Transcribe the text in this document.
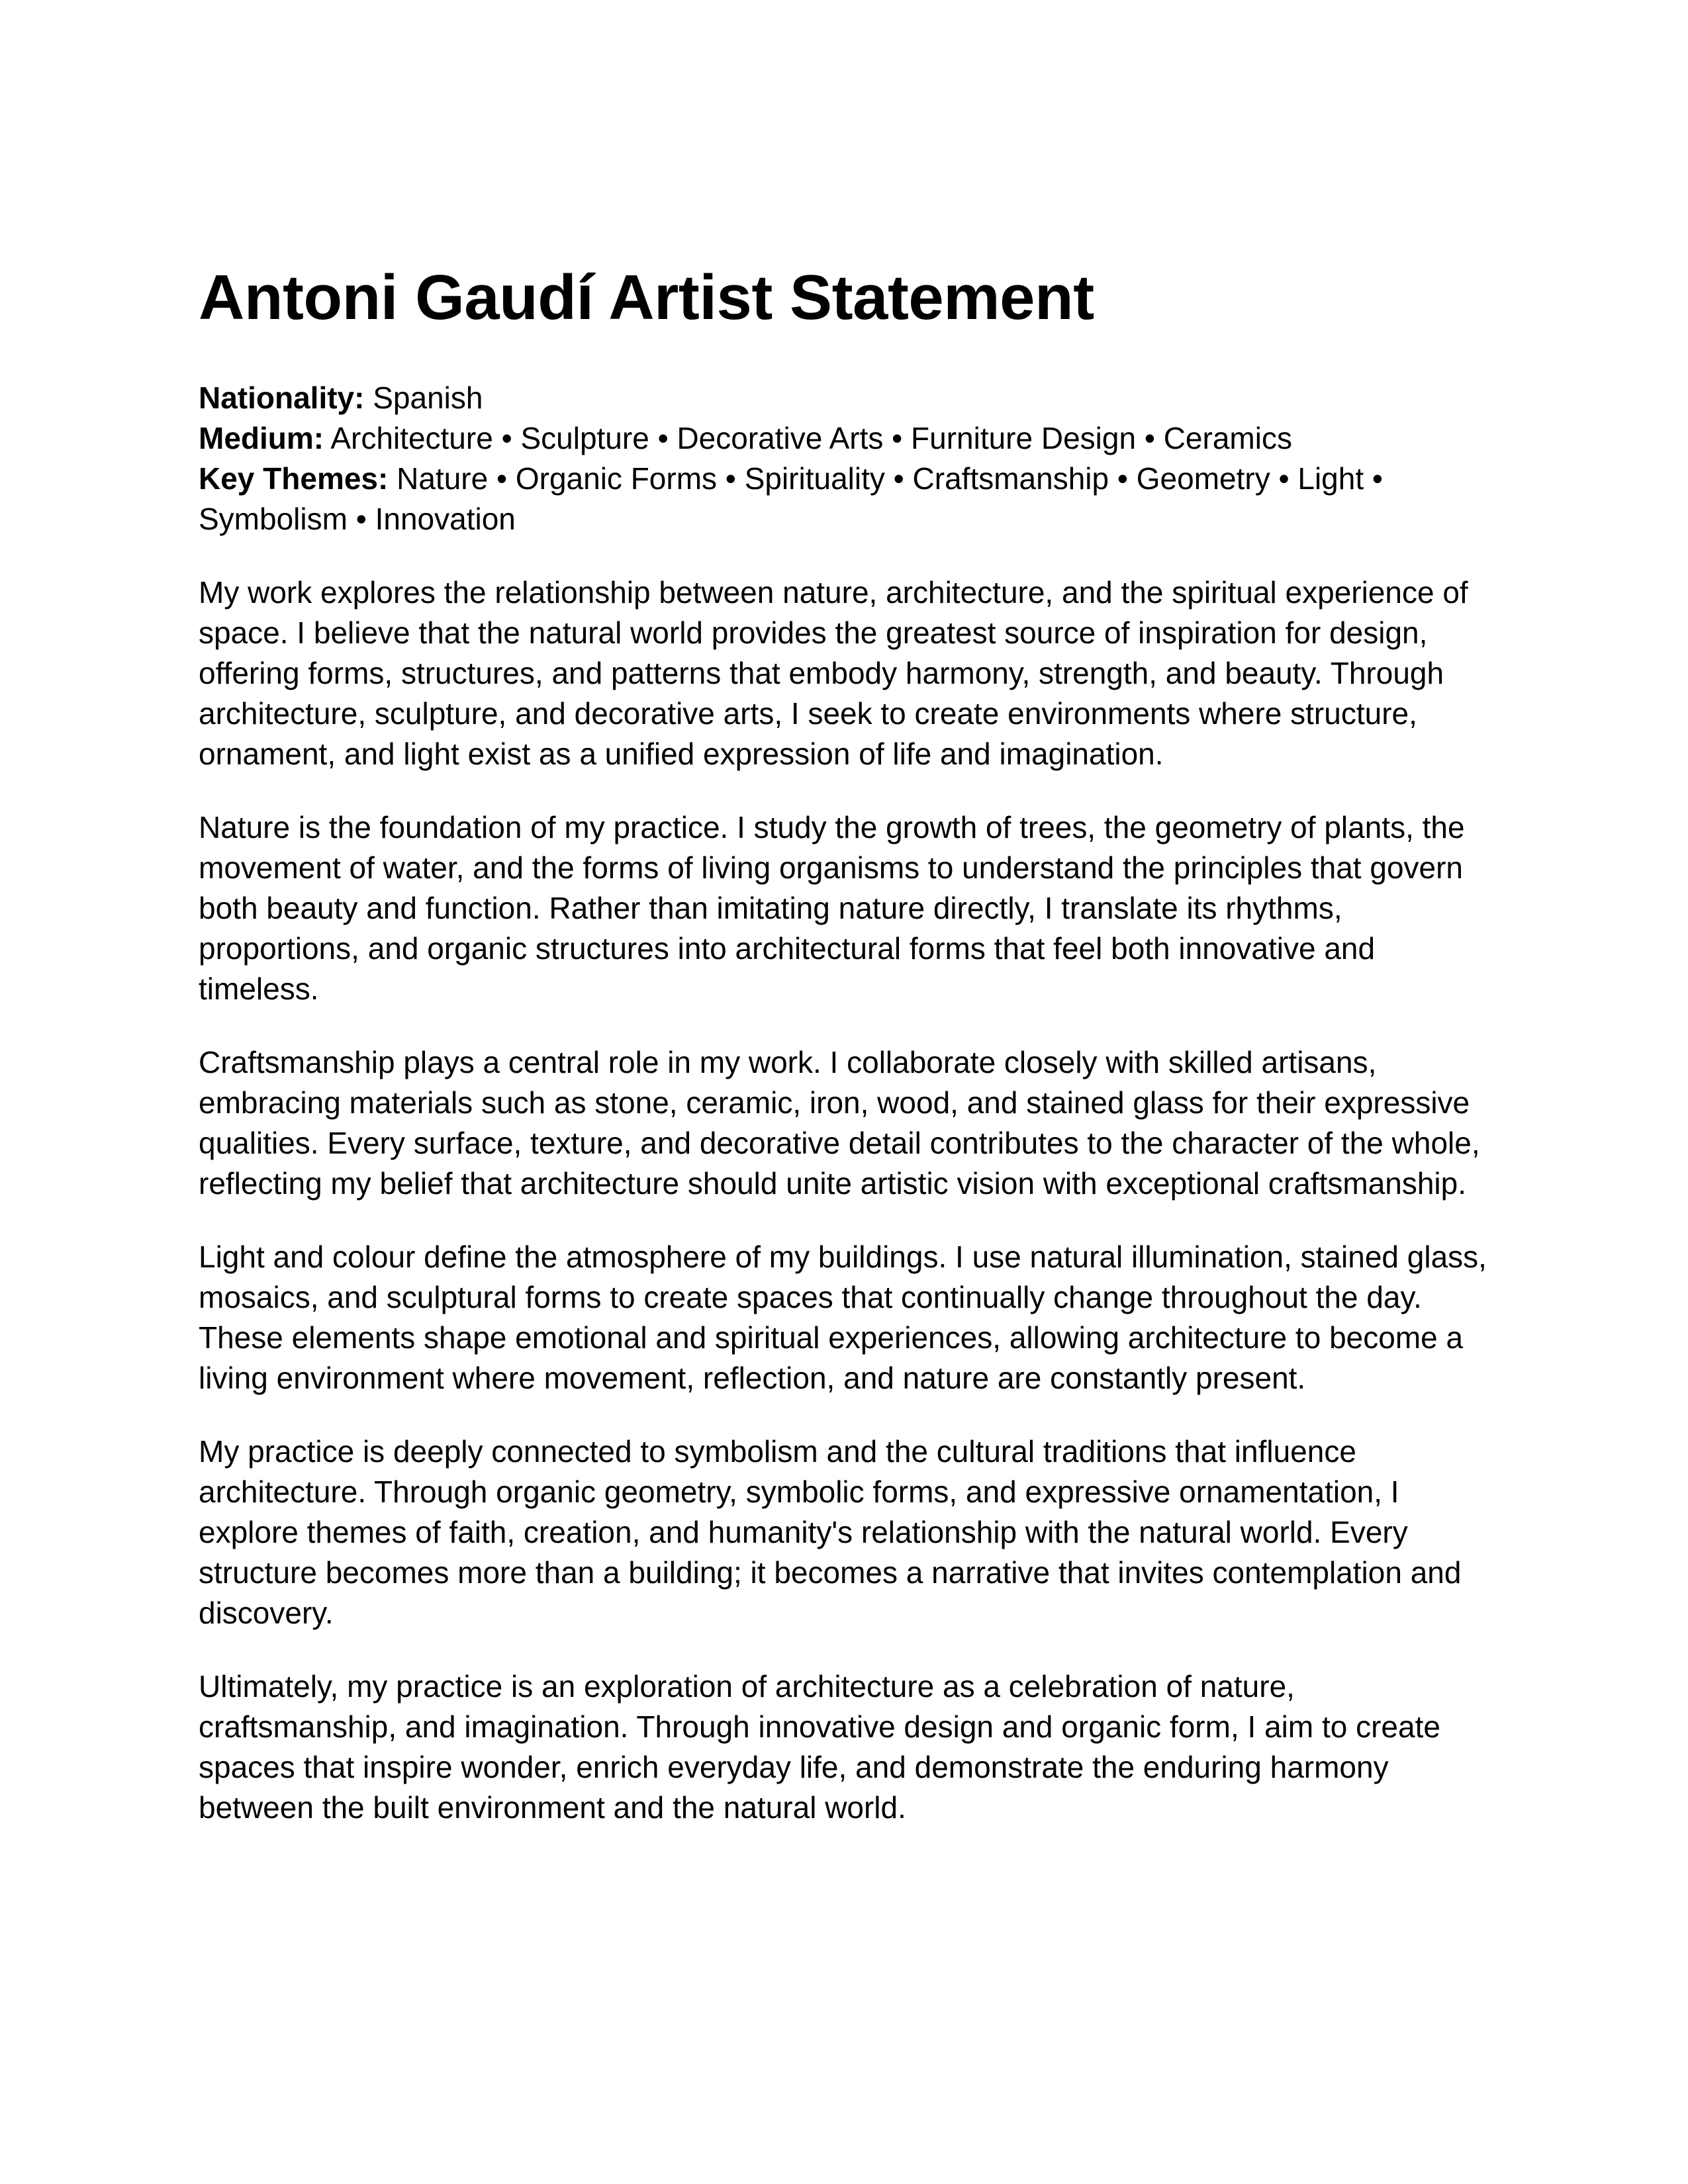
Antoni Gaudí Artist Statement
Nationality: Spanish
Medium: Architecture • Sculpture • Decorative Arts • Furniture Design • Ceramics
Key Themes: Nature • Organic Forms • Spirituality • Craftsmanship • Geometry • Light • Symbolism • Innovation

My work explores the relationship between nature, architecture, and the spiritual experience of space. I believe that the natural world provides the greatest source of inspiration for design, offering forms, structures, and patterns that embody harmony, strength, and beauty. Through architecture, sculpture, and decorative arts, I seek to create environments where structure, ornament, and light exist as a unified expression of life and imagination.

Nature is the foundation of my practice. I study the growth of trees, the geometry of plants, the movement of water, and the forms of living organisms to understand the principles that govern both beauty and function. Rather than imitating nature directly, I translate its rhythms, proportions, and organic structures into architectural forms that feel both innovative and timeless.

Craftsmanship plays a central role in my work. I collaborate closely with skilled artisans, embracing materials such as stone, ceramic, iron, wood, and stained glass for their expressive qualities. Every surface, texture, and decorative detail contributes to the character of the whole, reflecting my belief that architecture should unite artistic vision with exceptional craftsmanship.

Light and colour define the atmosphere of my buildings. I use natural illumination, stained glass, mosaics, and sculptural forms to create spaces that continually change throughout the day. These elements shape emotional and spiritual experiences, allowing architecture to become a living environment where movement, reflection, and nature are constantly present.

My practice is deeply connected to symbolism and the cultural traditions that influence architecture. Through organic geometry, symbolic forms, and expressive ornamentation, I explore themes of faith, creation, and humanity's relationship with the natural world. Every structure becomes more than a building; it becomes a narrative that invites contemplation and discovery.

Ultimately, my practice is an exploration of architecture as a celebration of nature, craftsmanship, and imagination. Through innovative design and organic form, I aim to create spaces that inspire wonder, enrich everyday life, and demonstrate the enduring harmony between the built environment and the natural world.
